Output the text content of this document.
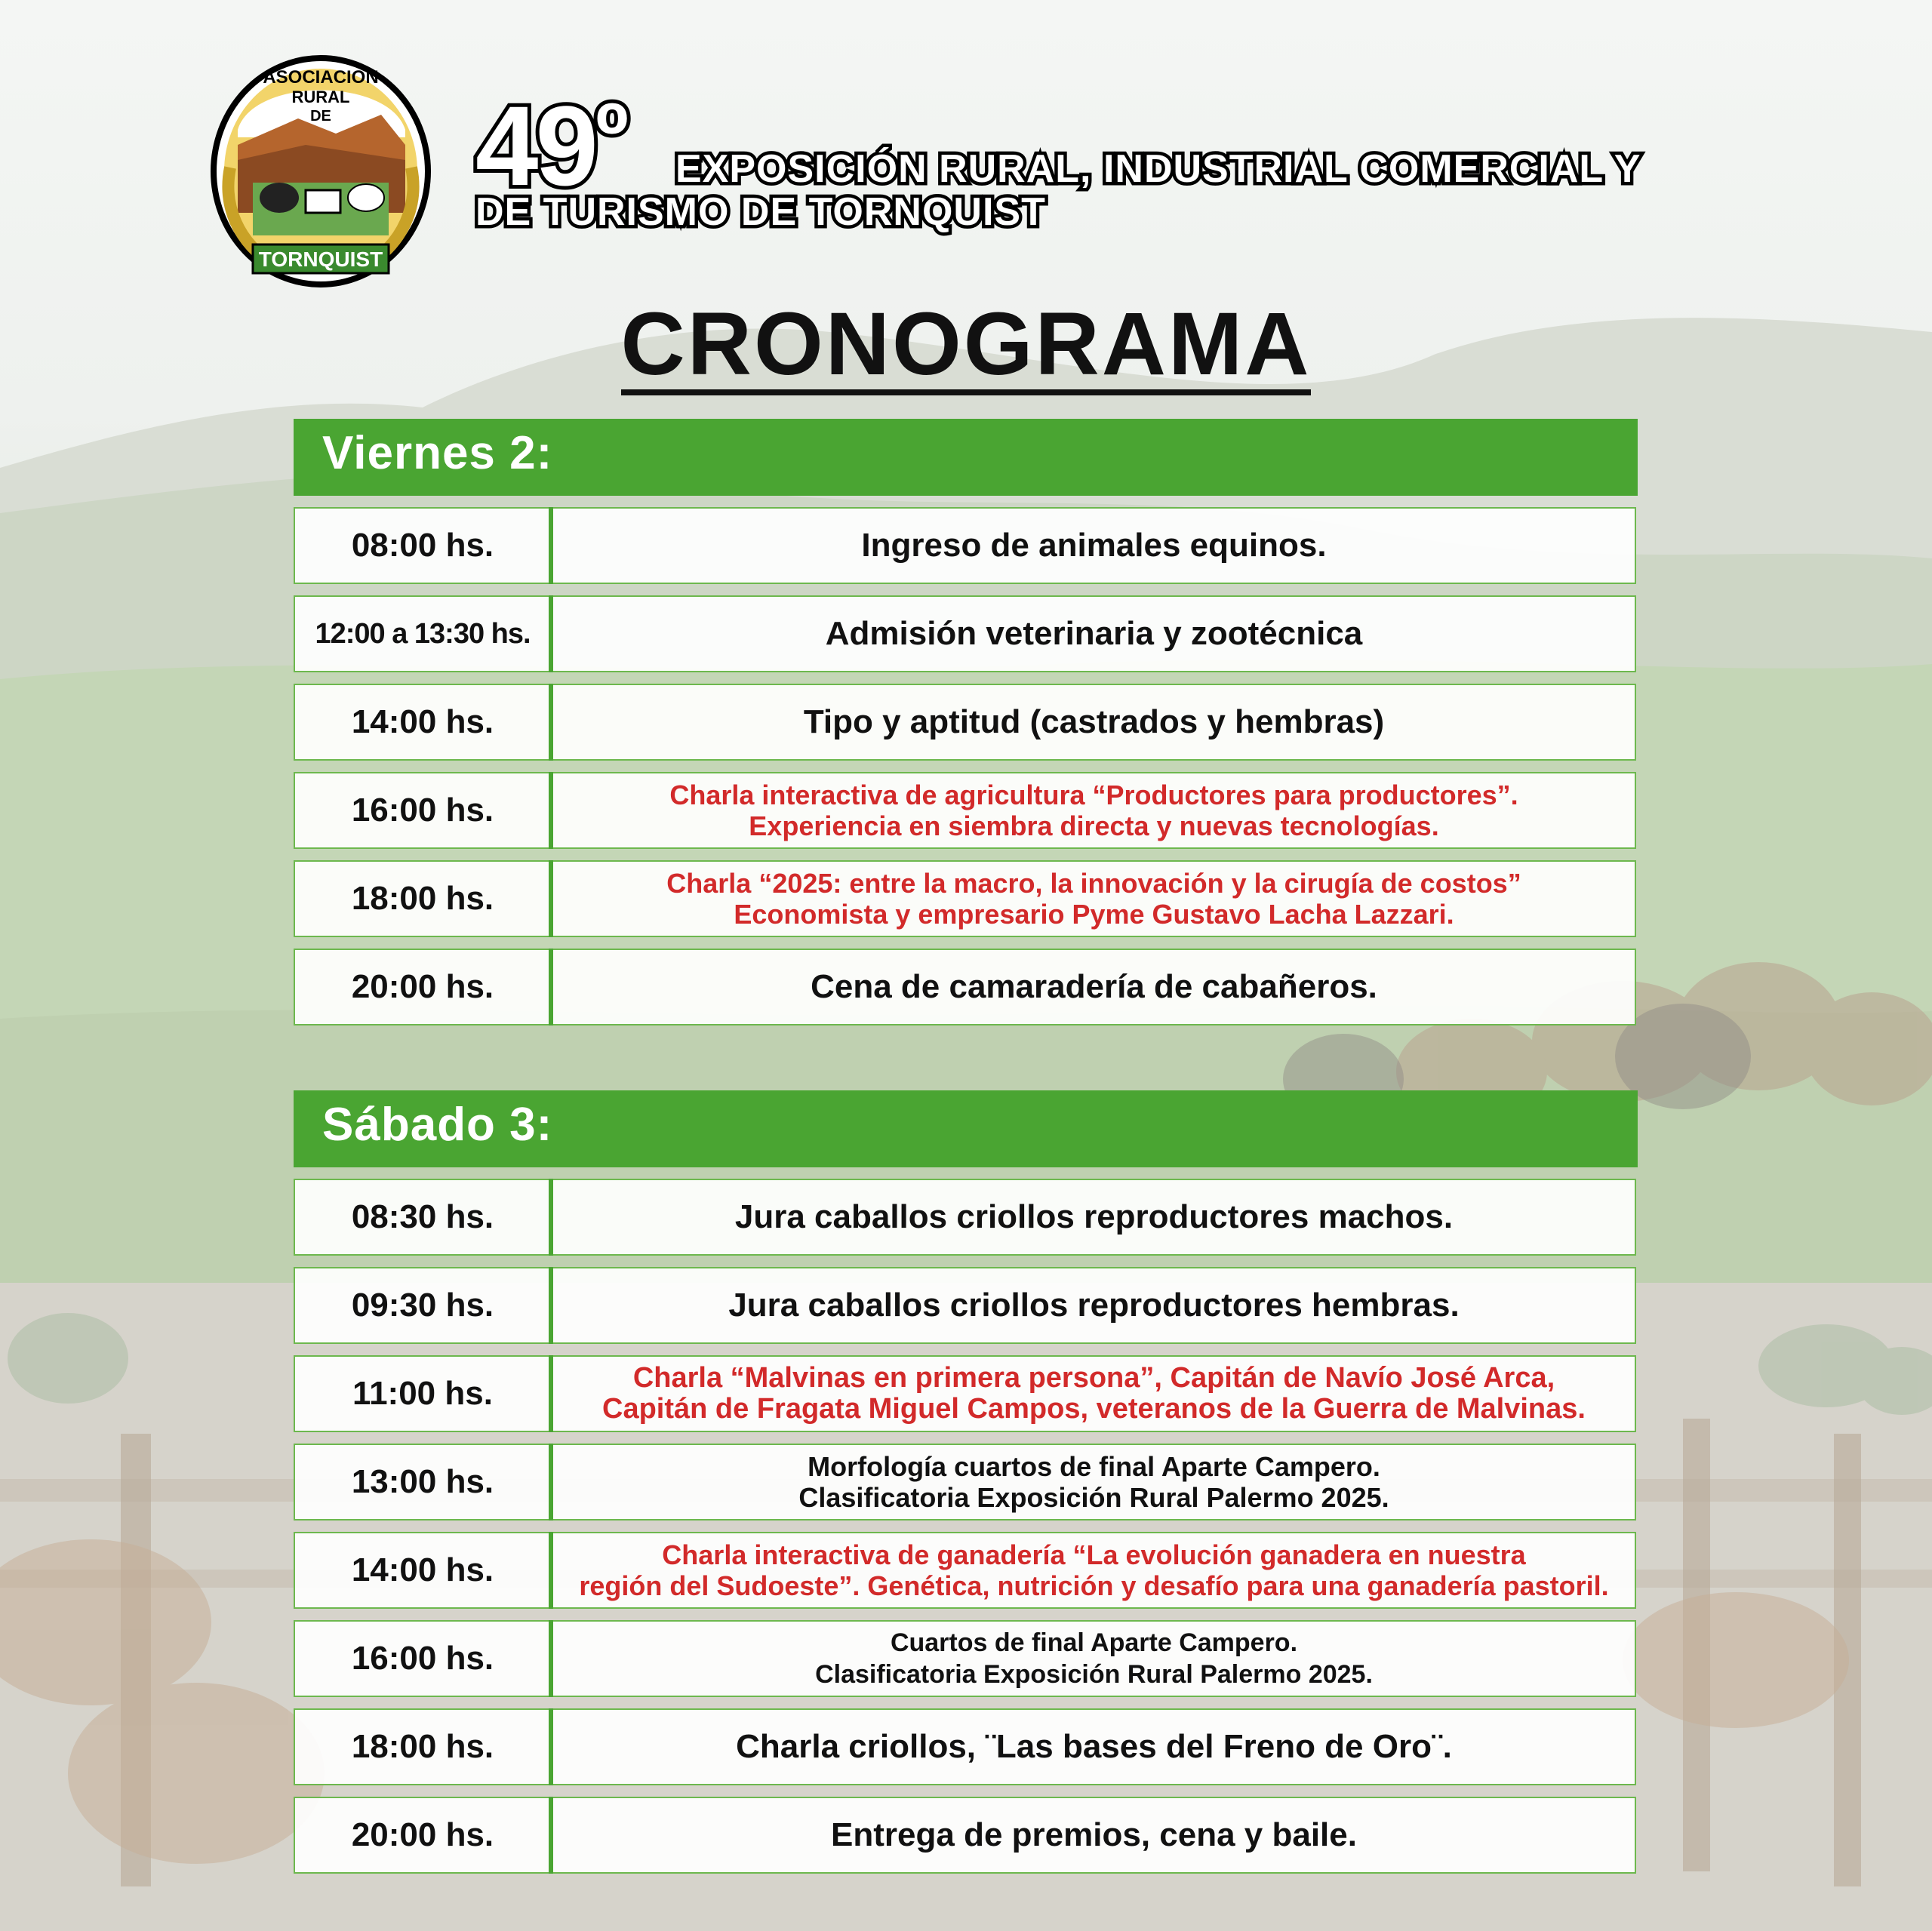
TORNQUIST
ASOCIACION
RURAL
DE $49^º$ EXPOSICIÓN RURAL, INDUSTRIAL COMERCIAL Y
DE TURISMO DE TORNQUIST
CRONOGRAMA
Viernes 2:
08:00 hs.	Ingreso de animales equinos.
12:00 a 13:30 hs.	Admisión veterinaria y zootécnica
14:00 hs.	Tipo y aptitud (castrados y hembras)
16:00 hs.	Charla interactiva de agricultura “Productores para productores”.
Experiencia en siembra directa y nuevas tecnologías.
18:00 hs.	Charla “2025: entre la macro, la innovación y la cirugía de costos”
Economista y empresario Pyme Gustavo Lacha Lazzari.
20:00 hs.	Cena de camaradería de cabañeros.
Sábado 3:
08:30 hs.	Jura caballos criollos reproductores machos.
09:30 hs.	Jura caballos criollos reproductores hembras.
11:00 hs.	Charla “Malvinas en primera persona”, Capitán de Navío José Arca,
Capitán de Fragata Miguel Campos, veteranos de la Guerra de Malvinas.
13:00 hs.	Morfología cuartos de final Aparte Campero.
Clasificatoria Exposición Rural Palermo 2025.
14:00 hs.	Charla interactiva de ganadería “La evolución ganadera en nuestra
región del Sudoeste”. Genética, nutrición y desafío para una ganadería pastoril.
16:00 hs.	Cuartos de final Aparte Campero.
Clasificatoria Exposición Rural Palermo 2025.
18:00 hs.	Charla criollos, ¨Las bases del Freno de Oro¨.
20:00 hs.	Entrega de premios, cena y baile.
